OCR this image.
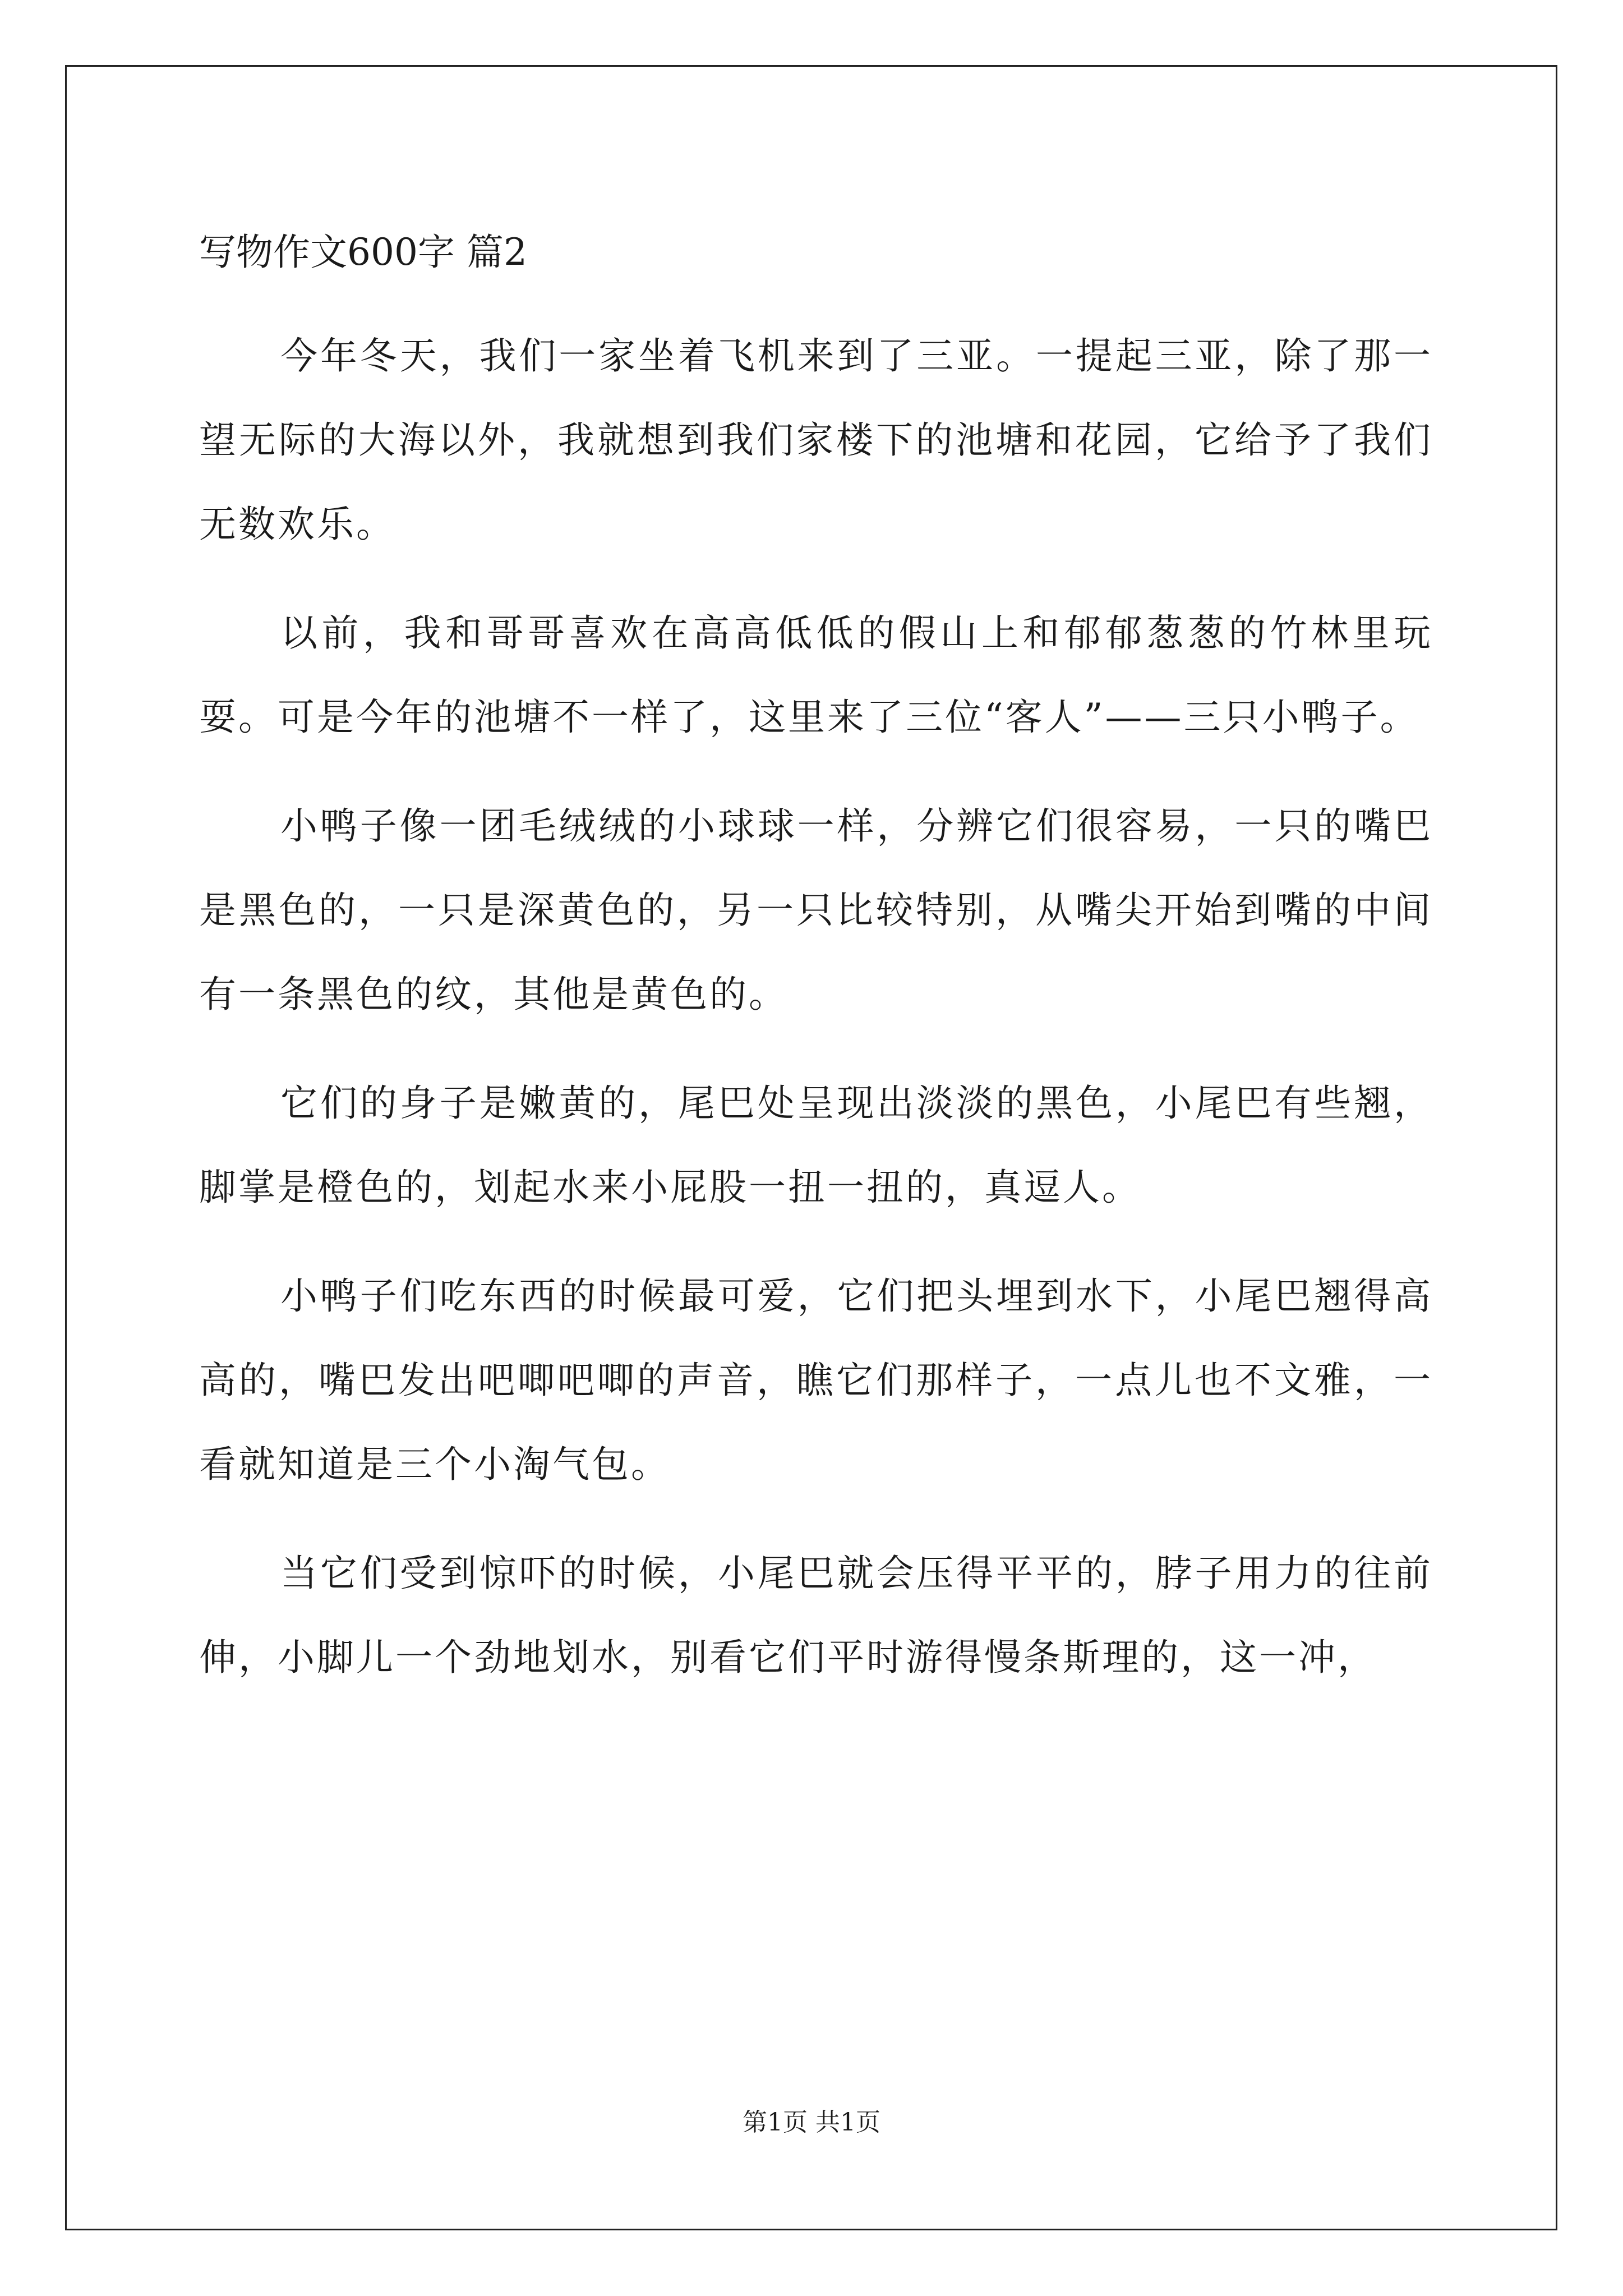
写物作文600字 篇2

今年冬天，我们一家坐着飞机来到了三亚。一提起三亚，除了那一望无际的大海以外，我就想到我们家楼下的池塘和花园，它给予了我们无数欢乐。

以前，我和哥哥喜欢在高高低低的假山上和郁郁葱葱的竹林里玩耍。可是今年的池塘不一样了，这里来了三位“客人”——三只小鸭子。

小鸭子像一团毛绒绒的小球球一样，分辨它们很容易，一只的嘴巴是黑色的，一只是深黄色的，另一只比较特别，从嘴尖开始到嘴的中间有一条黑色的纹，其他是黄色的。

它们的身子是嫩黄的，尾巴处呈现出淡淡的黑色，小尾巴有些翘，脚掌是橙色的，划起水来小屁股一扭一扭的，真逗人。

小鸭子们吃东西的时候最可爱，它们把头埋到水下，小尾巴翘得高高的，嘴巴发出吧唧吧唧的声音，瞧它们那样子，一点儿也不文雅，一看就知道是三个小淘气包。

当它们受到惊吓的时候，小尾巴就会压得平平的，脖子用力的往前伸，小脚儿一个劲地划水，别看它们平时游得慢条斯理的，这一冲，

第1页 共1页
